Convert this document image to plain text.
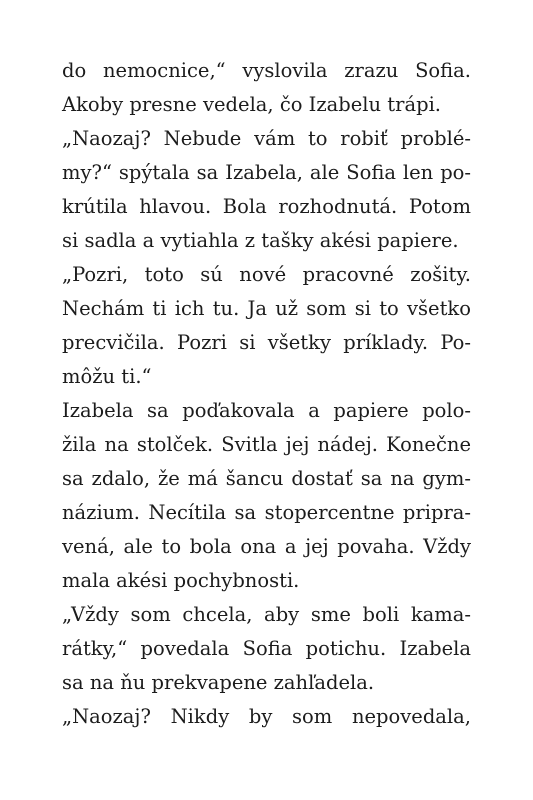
do nemocnice,“ vyslovila zrazu Sofia.
Akoby presne vedela, čo Izabelu trápi.
„Naozaj? Nebude vám to robiť problé-
my?“ spýtala sa Izabela, ale Sofia len po-
krútila hlavou. Bola rozhodnutá. Potom
si sadla a vytiahla z tašky akési papiere.
„Pozri, toto sú nové pracovné zošity.
Nechám ti ich tu. Ja už som si to všetko
precvičila. Pozri si všetky príklady. Po-
môžu ti.“
Izabela sa poďakovala a papiere polo-
žila na stolček. Svitla jej nádej. Konečne
sa zdalo, že má šancu dostať sa na gym-
názium. Necítila sa stopercentne pripra-
vená, ale to bola ona a jej povaha. Vždy
mala akési pochybnosti.
„Vždy som chcela, aby sme boli kama-
rátky,“ povedala Sofia potichu. Izabela
sa na ňu prekvapene zahľadela.
„Naozaj? Nikdy by som nepovedala,
